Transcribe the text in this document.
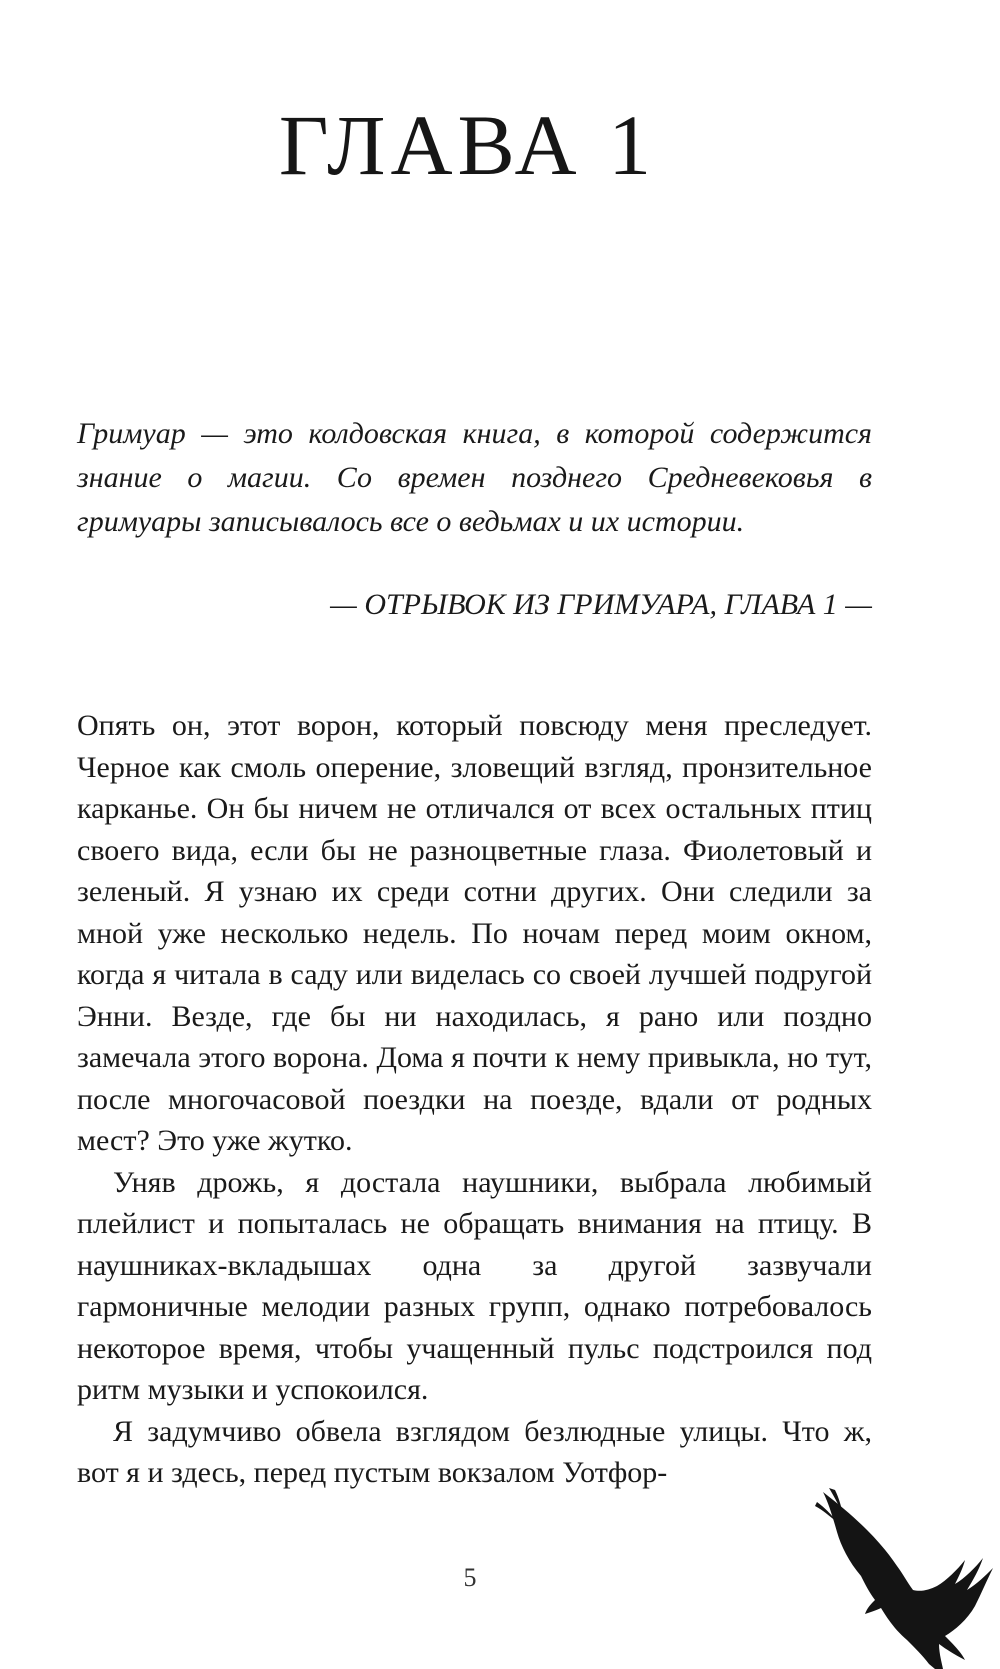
ГЛАВА 1

Гримуар — это колдовская книга, в которой содержится знание о магии. Со времен позднего Средневековья в гримуары записывалось все о ведьмах и их истории.

— ОТРЫВОК ИЗ ГРИМУАРА, ГЛАВА 1 —

Опять он, этот ворон, который повсюду меня преследует. Черное как смоль оперение, зловещий взгляд, пронзительное карканье. Он бы ничем не отличался от всех остальных птиц своего вида, если бы не разноцветные глаза. Фиолетовый и зеленый. Я узнаю их среди сотни других. Они следили за мной уже несколько недель. По ночам перед моим окном, когда я читала в саду или виделась со своей лучшей подругой Энни. Везде, где бы ни находилась, я рано или поздно замечала этого ворона. Дома я почти к нему привыкла, но тут, после многочасовой поездки на поезде, вдали от родных мест? Это уже жутко.

Уняв дрожь, я достала наушники, выбрала любимый плейлист и попыталась не обращать внимания на птицу. В наушниках-вкладышах одна за другой зазвучали гармоничные мелодии разных групп, однако потребовалось некоторое время, чтобы учащенный пульс подстроился под ритм музыки и успокоился.

Я задумчиво обвела взглядом безлюдные улицы. Что ж, вот я и здесь, перед пустым вокзалом Уотфор-

5
